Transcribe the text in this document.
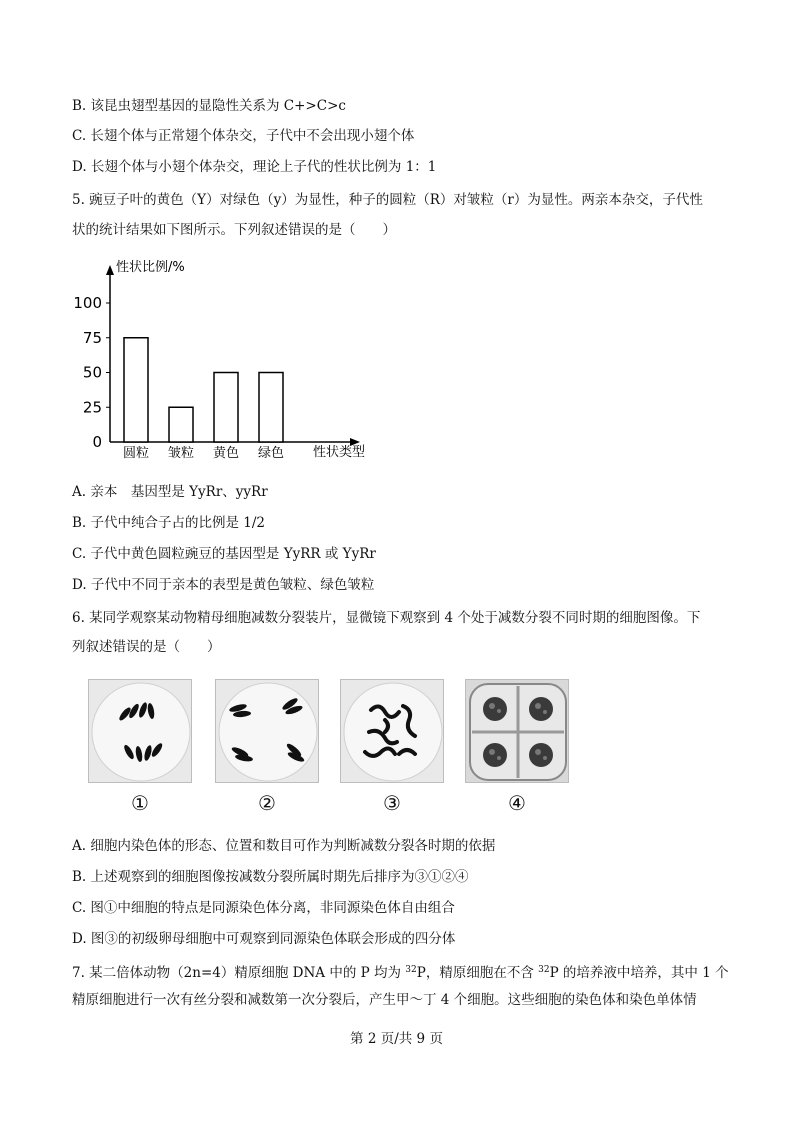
B. 该昆虫翅型基因的显隐性关系为 C+>C>c
C. 长翅个体与正常翅个体杂交，子代中不会出现小翅个体
D. 长翅个体与小翅个体杂交，理论上子代的性状比例为 1：1
5. 豌豆子叶的黄色（Y）对绿色（y）为显性，种子的圆粒（R）对皱粒（r）为显性。两亲本杂交，子代性
状的统计结果如下图所示。下列叙述错误的是（　　）
0
25
50
75
100
圆粒 皱粒 黄色 绿色
性状比例/%
性状类型
A. 亲本　基因型是 YyRr、yyRr
B. 子代中纯合子占的比例是 1/2
C. 子代中黄色圆粒豌豆的基因型是 YyRR 或 YyRr
D. 子代中不同于亲本的表型是黄色皱粒、绿色皱粒
6. 某同学观察某动物精母细胞减数分裂装片，显微镜下观察到 4 个处于减数分裂不同时期的细胞图像。下
列叙述错误的是（　　）
①	②	③	④
A. 细胞内染色体的形态、位置和数目可作为判断减数分裂各时期的依据
B. 上述观察到的细胞图像按减数分裂所属时期先后排序为③①②④
C. 图①中细胞的特点是同源染色体分离，非同源染色体自由组合
D. 图③的初级卵母细胞中可观察到同源染色体联会形成的四分体
7. 某二倍体动物（2n=4）精原细胞 DNA 中的 P 均为 $^{32}$P，精原细胞在不含 $^{32}$P 的培养液中培养，其中 1 个
精原细胞进行一次有丝分裂和减数第一次分裂后，产生甲～丁 4 个细胞。这些细胞的染色体和染色单体情
第 2 页/共 9 页
